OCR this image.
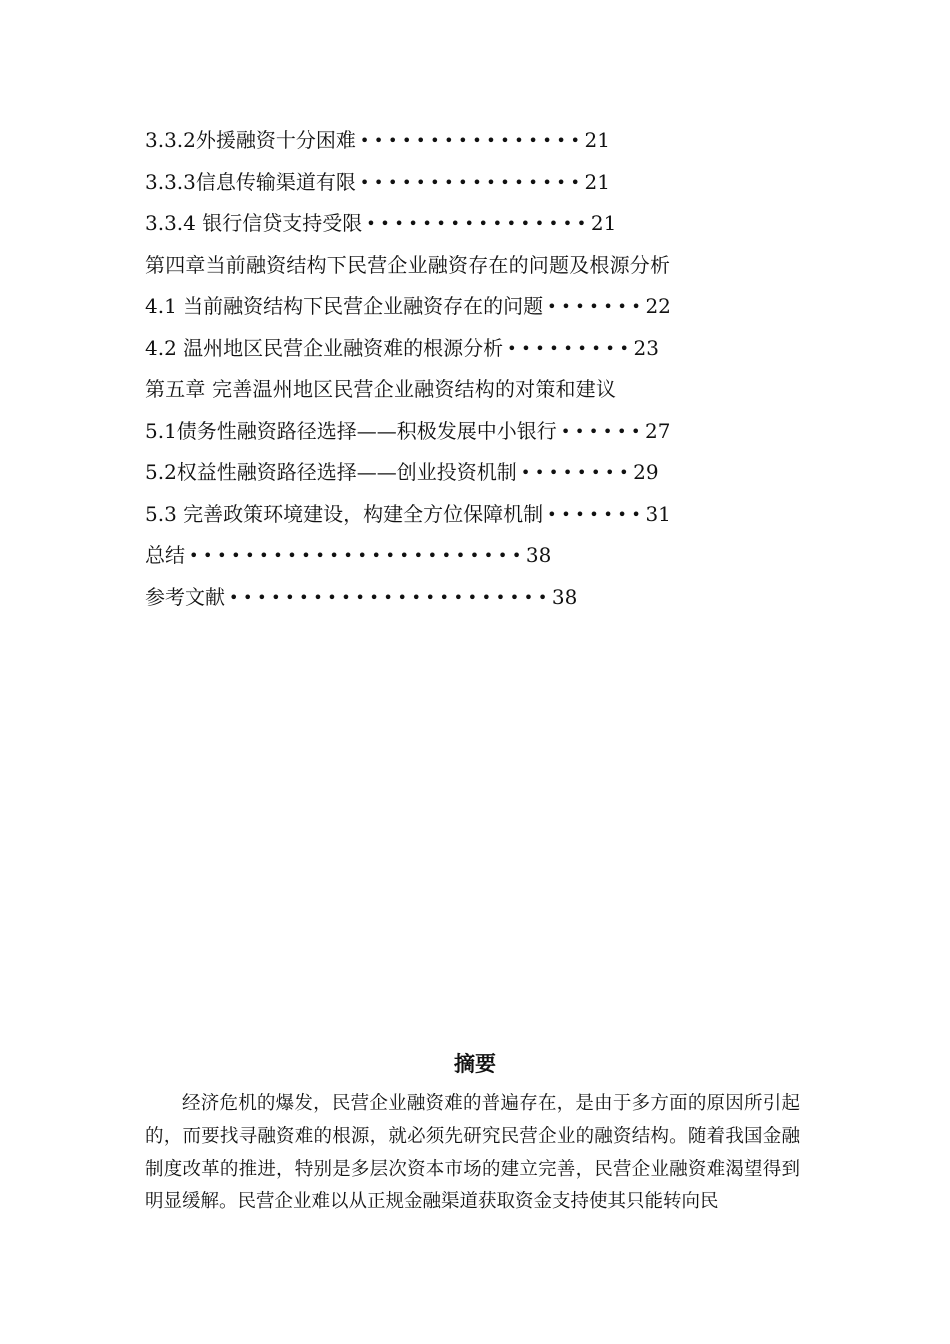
3.3.2外援融资十分困难 •••••••••••••••• 21
3.3.3信息传输渠道有限 •••••••••••••••• 21
3.3.4 银行信贷支持受限 •••••••••••••••• 21
第四章当前融资结构下民营企业融资存在的问题及根源分析
4.1 当前融资结构下民营企业融资存在的问题 ••••••• 22
4.2 温州地区民营企业融资难的根源分析 ••••••••• 23
第五章 完善温州地区民营企业融资结构的对策和建议
5.1债务性融资路径选择——积极发展中小银行 •••••• 27
5.2权益性融资路径选择——创业投资机制 •••••••• 29
5.3 完善政策环境建设，构建全方位保障机制 ••••••• 31
总结 •••••••••••••••••••••••• 38
参考文献 ••••••••••••••••••••••• 38
摘要

经济危机的爆发，民营企业融资难的普遍存在，是由于多方面的原因所引起的，而要找寻融资难的根源，就必须先研究民营企业的融资结构。随着我国金融制度改革的推进，特别是多层次资本市场的建立完善，民营企业融资难渴望得到明显缓解。民营企业难以从正规金融渠道获取资金支持使其只能转向民
